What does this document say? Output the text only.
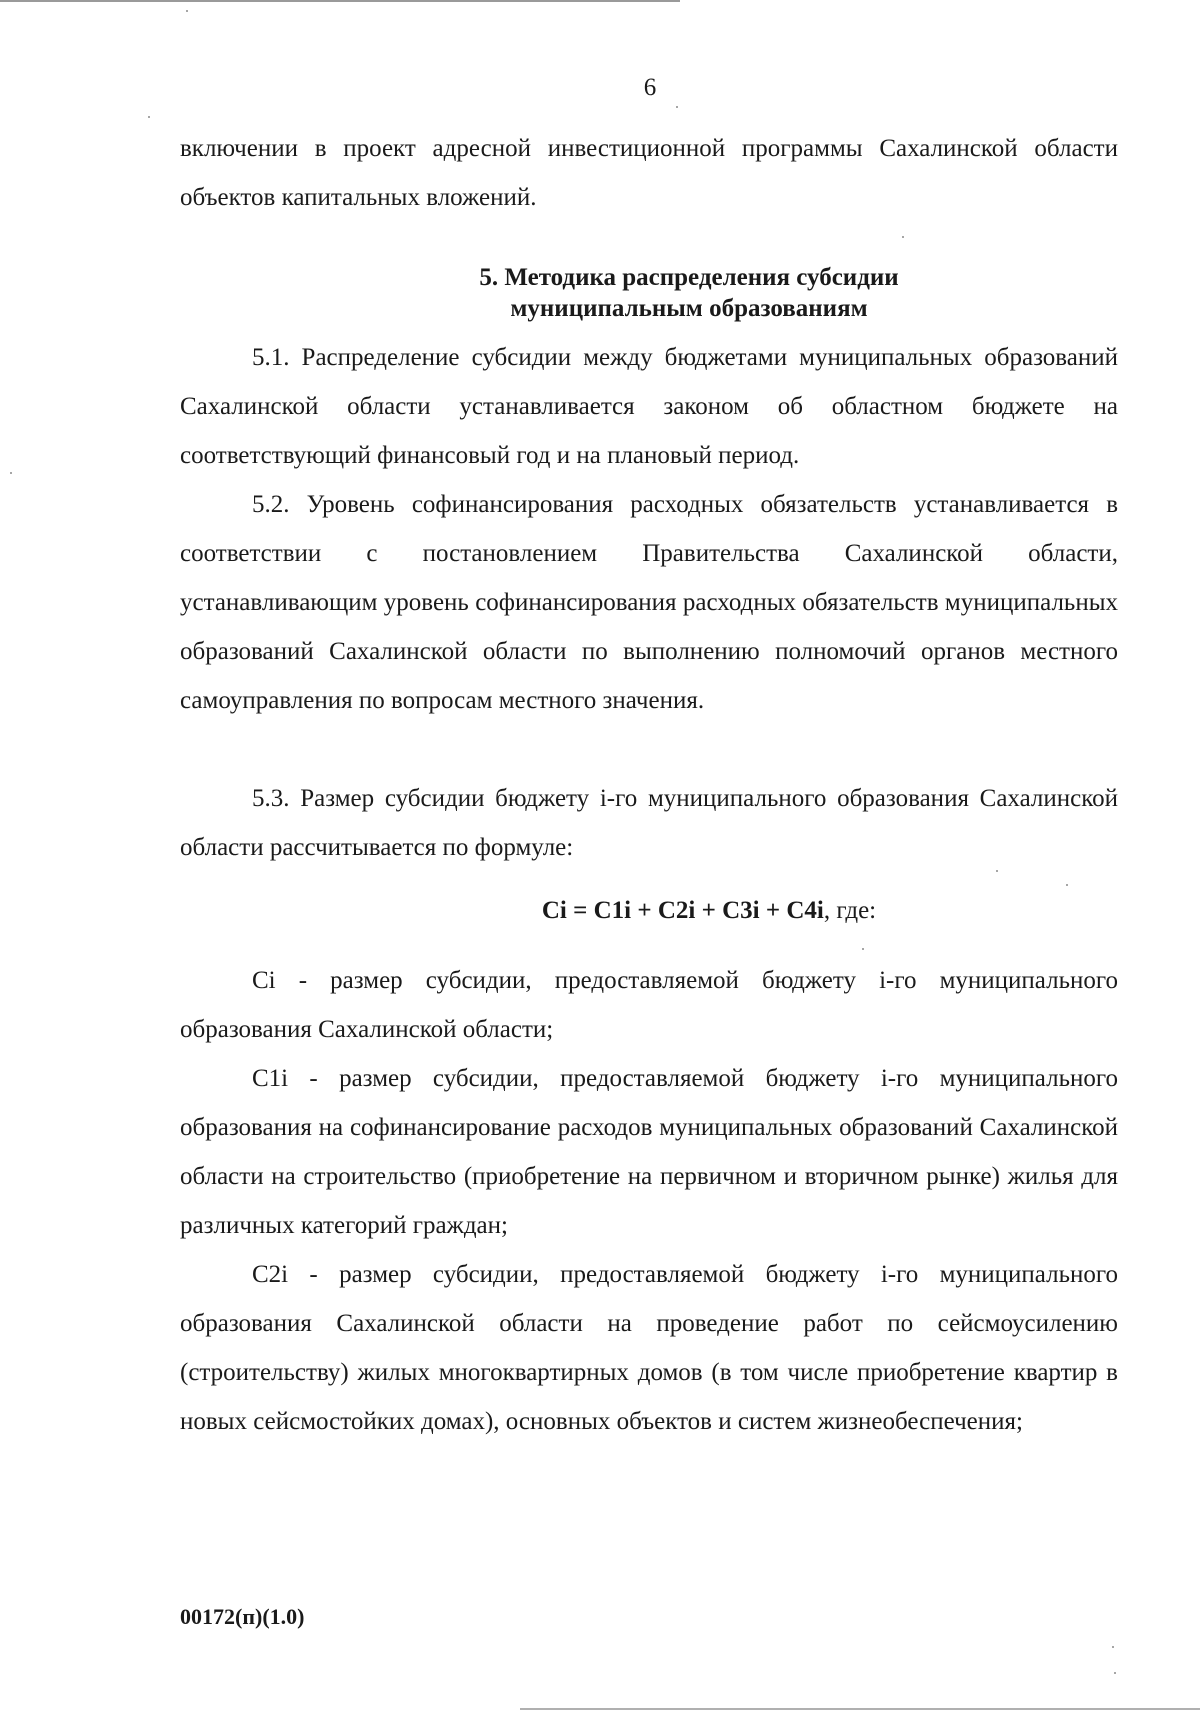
6

включении в проект адресной инвестиционной программы Сахалинской области объектов капитальных вложений.

5. Методика распределения субсидии
муниципальным образованиям

5.1. Распределение субсидии между бюджетами муниципальных образований Сахалинской области устанавливается законом об областном бюджете на соответствующий финансовый год и на плановый период.

5.2. Уровень софинансирования расходных обязательств устанавливается в соответствии с постановлением Правительства Сахалинской области, устанавливающим уровень софинансирования расходных обязательств муниципальных образований Сахалинской области по выполнению полномочий органов местного самоуправления по вопросам местного значения.

5.3. Размер субсидии бюджету i-го муниципального образования Сахалинской области рассчитывается по формуле:

Ci = C1i + C2i + C3i + C4i, где:

Ci - размер субсидии, предоставляемой бюджету i-го муниципального образования Сахалинской области;

C1i - размер субсидии, предоставляемой бюджету i-го муниципального образования на софинансирование расходов муниципальных образований Сахалинской области на строительство (приобретение на первичном и вторичном рынке) жилья для различных категорий граждан;

C2i - размер субсидии, предоставляемой бюджету i-го муниципального образования Сахалинской области на проведение работ по сейсмоусилению (строительству) жилых многоквартирных домов (в том числе приобретение квартир в новых сейсмостойких домах), основных объектов и систем жизнеобеспечения;

00172(п)(1.0)
